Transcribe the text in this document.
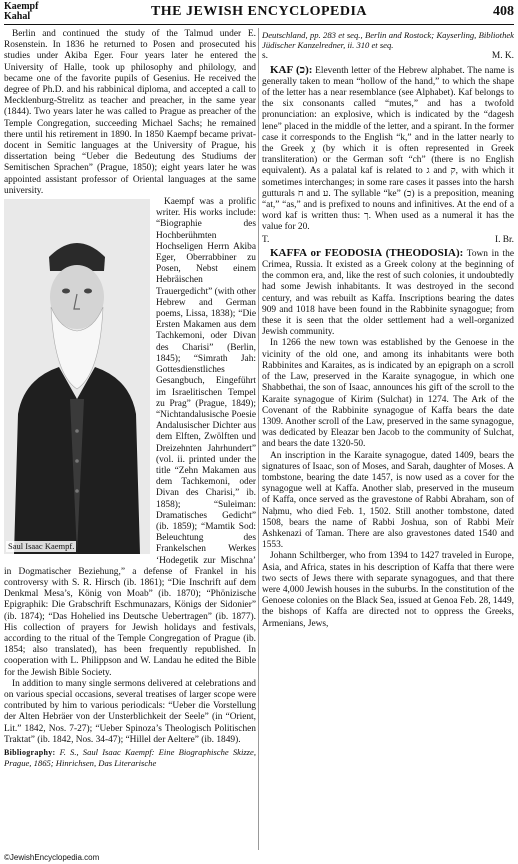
Kaempf
Kahal	THE JEWISH ENCYCLOPEDIA	408

Berlin and continued the study of the Talmud under E. Rosenstein. In 1836 he returned to Posen and prosecuted his studies under Akiba Eger. Four years later he entered the University of Halle, took up philosophy and philology, and became one of the favorite pupils of Gesenius. He received the degree of Ph.D. and his rabbinical diploma, and accepted a call to Mecklenburg-Strelitz as teacher and preacher, in the same year (1844). Two years later he was called to Prague as preacher of the Temple Congregation, succeeding Michael Sachs; he remained there until his retirement in 1890. In 1850 Kaempf became privat-docent in Semitic languages at the University of Prague, his dissertation being “Ueber die Bedeutung des Studiums der Semitischen Sprachen” (Prague, 1850); eight years later he was appointed assistant professor of Oriental languages at the same university.

Saul Isaac Kaempf.

Kaempf was a prolific writer. His works include: “Biographie des Hochberühmten Hochseligen Herrn Akiba Eger, Oberrabbiner zu Posen, Nebst einem Hebräischen Trauergedicht” (with other Hebrew and German poems, Lissa, 1838); “Die Ersten Makamen aus dem Tachkemoni, oder Divan des Charisi” (Berlin, 1845); “Simrath Jah: Gottesdienstliches Gesangbuch, Eingeführt im Israelitischen Tempel zu Prag” (Prague, 1849); “Nichtandalusische Poesie Andalusischer Dichter aus dem Elften, Zwölften und Dreizehnten Jahrhundert” (vol. ii. printed under the title “Zehn Makamen aus dem Tachkemoni, oder Divan des Charisi,” ib. 1858); “Suleiman: Dramatisches Gedicht” (ib. 1859); “Mamtik Sod: Beleuchtung des Frankelschen Werkes ‘Hodegetik zur Mischna’ in Dogmatischer Beziehung,” a defense of Frankel in his controversy with S. R. Hirsch (ib. 1861); “Die Inschrift auf dem Denkmal Mesa’s, König von Moab” (ib. 1870); “Phönizische Epigraphik: Die Grabschrift Eschmunazars, Königs der Sidonier” (ib. 1874); “Das Hohelied ins Deutsche Uebertragen” (ib. 1877). His collection of prayers for Jewish holidays and festivals, according to the ritual of the Temple Congregation of Prague (ib. 1854; also translated), has been frequently republished. In cooperation with L. Philippson and W. Landau he edited the Bible for the Jewish Bible Society.

In addition to many single sermons delivered at celebrations and on various special occasions, several treatises of larger scope were contributed by him to various periodicals: “Ueber die Vorstellung der Alten Hebräer von der Unsterblichkeit der Seele” (in “Orient, Lit.” 1842, Nos. 7-27); “Ueber Spinoza’s Theologisch Politischen Traktat” (ib. 1842, Nos. 34-47); “Hillel der Aeltere” (ib. 1849).

Bibliography: F. S., Saul Isaac Kaempf: Eine Biographische Skizze, Prague, 1865; Hinrichsen, Das Literarische

Deutschland, pp. 283 et seq., Berlin and Rostock; Kayserling, Bibliothek Jüdischer Kanzelredner, ii. 310 et seq.

s.	M. K.

KAF (כ): Eleventh letter of the Hebrew alphabet. The name is generally taken to mean “hollow of the hand,” to which the shape of the letter has a near resemblance (see Alphabet). Kaf belongs to the six consonants called “mutes,” and has a twofold pronunciation: an explosive, which is indicated by the “dagesh lene” placed in the middle of the letter, and a spirant. In the former case it corresponds to the English “k,” and in the latter nearly to the Greek χ (by which it is often represented in Greek transliteration) or the German soft “ch” (there is no English equivalent). As a palatal kaf is related to ג and ק, with which it sometimes interchanges; in some rare cases it passes into the harsh gutturals ח and ע. The syllable “ke” (כ) is a preposition, meaning “at,” “as,” and is prefixed to nouns and infinitives. At the end of a word kaf is written thus: ך. When used as a numeral it has the value for 20.

T.	I. Br.

KAFFA or FEODOSIA (THEODOSIA): Town in the Crimea, Russia. It existed as a Greek colony at the beginning of the common era, and, like the rest of such colonies, it undoubtedly had some Jewish inhabitants. It was destroyed in the second century, and was rebuilt as Kaffa. Inscriptions bearing the dates 909 and 1018 have been found in the Rabbinite synagogue; from these it is seen that the older settlement had a well-organized Jewish community.

In 1266 the new town was established by the Genoese in the vicinity of the old one, and among its inhabitants were both Rabbinites and Karaites, as is indicated by an epigraph on a scroll of the Law, preserved in the Karaite synagogue, in which one Shabbethai, the son of Isaac, announces his gift of the scroll to the Karaite synagogue of Kirim (Sulchat) in 1274. The Ark of the Covenant of the Rabbinite synagogue of Kaffa bears the date 1309. Another scroll of the Law, preserved in the same synagogue, was dedicated by Eleazar ben Jacob to the community of Sulchat, and bears the date 1320-50.

An inscription in the Karaite synagogue, dated 1409, bears the signatures of Isaac, son of Moses, and Sarah, daughter of Moses. A tombstone, bearing the date 1457, is now used as a cover for the synagogue well at Kaffa. Another slab, preserved in the museum of Kaffa, once served as the gravestone of Rabbi Abraham, son of Naḥmu, who died Feb. 1, 1502. Still another tombstone, dated 1508, bears the name of Rabbi Joshua, son of Rabbi Meïr Ashkenazi of Taman. There are also gravestones dated 1540 and 1553.

Johann Schiltberger, who from 1394 to 1427 traveled in Europe, Asia, and Africa, states in his description of Kaffa that there were two sects of Jews there with separate synagogues, and that there were 4,000 Jewish houses in the suburbs. In the constitution of the Genoese colonies on the Black Sea, issued at Genoa Feb. 28, 1449, the bishops of Kaffa are directed not to oppress the Greeks, Armenians, Jews,

©JewishEncyclopedia.com
